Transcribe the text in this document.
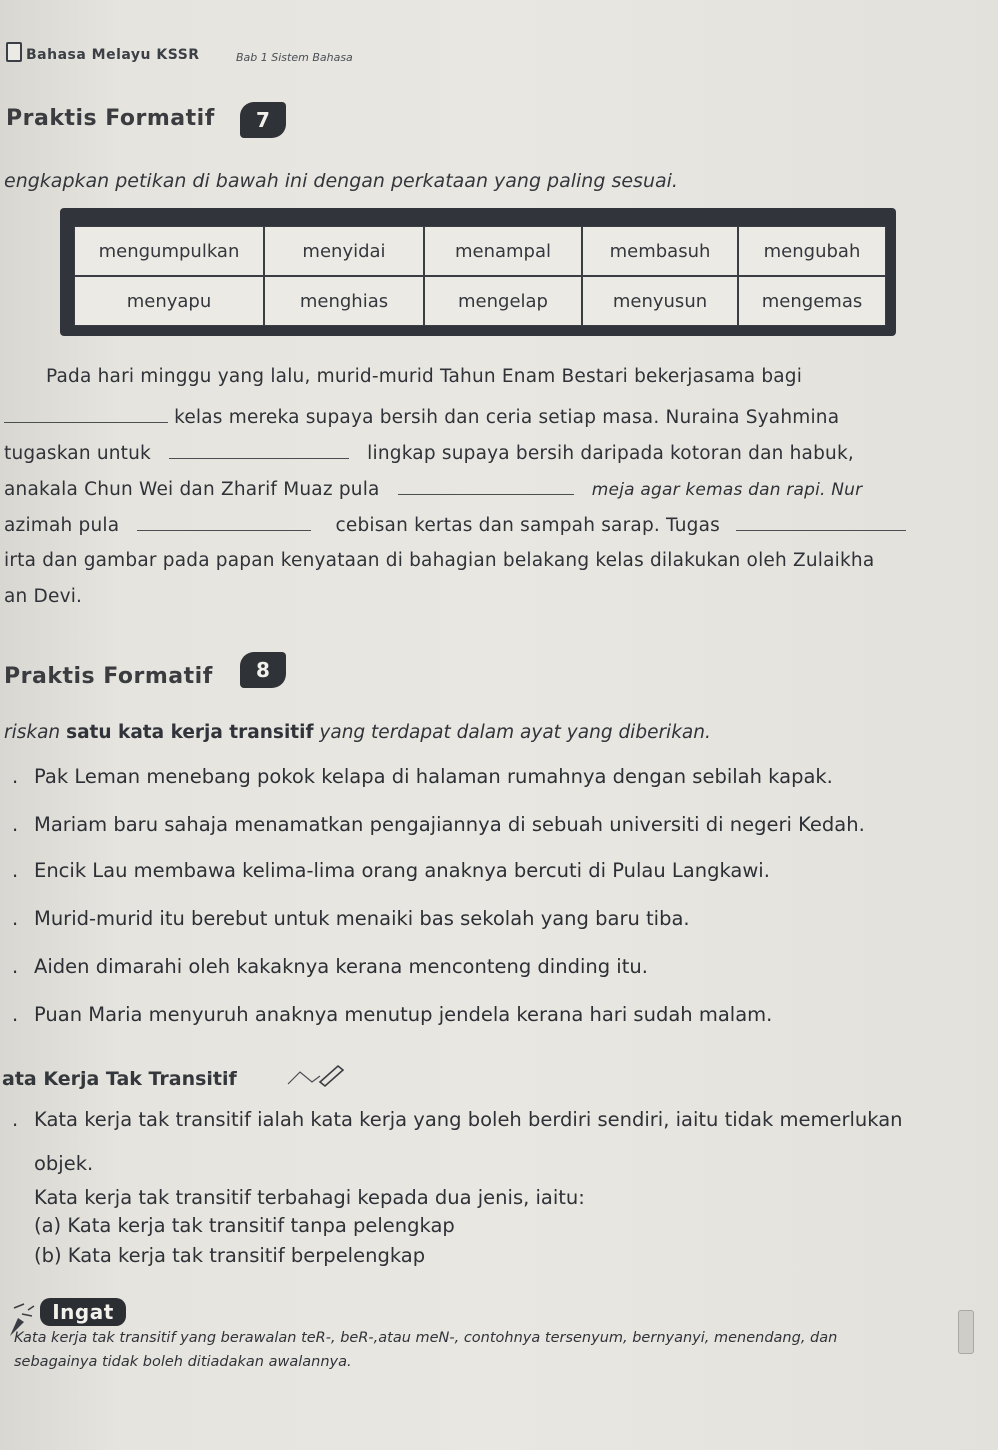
Bahasa Melayu KSSR	Bab 1 Sistem Bahasa
Praktis Formatif 7
engkapkan petikan di bawah ini dengan perkataan yang paling sesuai.
mengumpulkan	menyidai	menampal	membasuh	mengubah
menyapu	menghias	mengelap	menyusun	mengemas
Pada hari minggu yang lalu, murid-murid Tahun Enam Bestari bekerjasama bagi
kelas mereka supaya bersih dan ceria setiap masa. Nuraina Syahmina
tugaskan untuk	lingkap supaya bersih daripada kotoran dan habuk,
anakala Chun Wei dan Zharif Muaz pula	meja agar kemas dan rapi. Nur
azimah pula	cebisan kertas dan sampah sarap. Tugas
irta dan gambar pada papan kenyataan di bahagian belakang kelas dilakukan oleh Zulaikha
an Devi.
Praktis Formatif 8
riskan satu kata kerja transitif yang terdapat dalam ayat yang diberikan.
. Pak Leman menebang pokok kelapa di halaman rumahnya dengan sebilah kapak.
. Mariam baru sahaja menamatkan pengajiannya di sebuah universiti di negeri Kedah.
. Encik Lau membawa kelima-lima orang anaknya bercuti di Pulau Langkawi.
. Murid-murid itu berebut untuk menaiki bas sekolah yang baru tiba.
. Aiden dimarahi oleh kakaknya kerana menconteng dinding itu.
. Puan Maria menyuruh anaknya menutup jendela kerana hari sudah malam.
ata Kerja Tak Transitif
. Kata kerja tak transitif ialah kata kerja yang boleh berdiri sendiri, iaitu tidak memerlukan
objek.
Kata kerja tak transitif terbahagi kepada dua jenis, iaitu:
(a) Kata kerja tak transitif tanpa pelengkap
(b) Kata kerja tak transitif berpelengkap
Ingat
Kata kerja tak transitif yang berawalan teR-, beR-,atau meN-, contohnya tersenyum, bernyanyi, menendang, dan
sebagainya tidak boleh ditiadakan awalannya.
